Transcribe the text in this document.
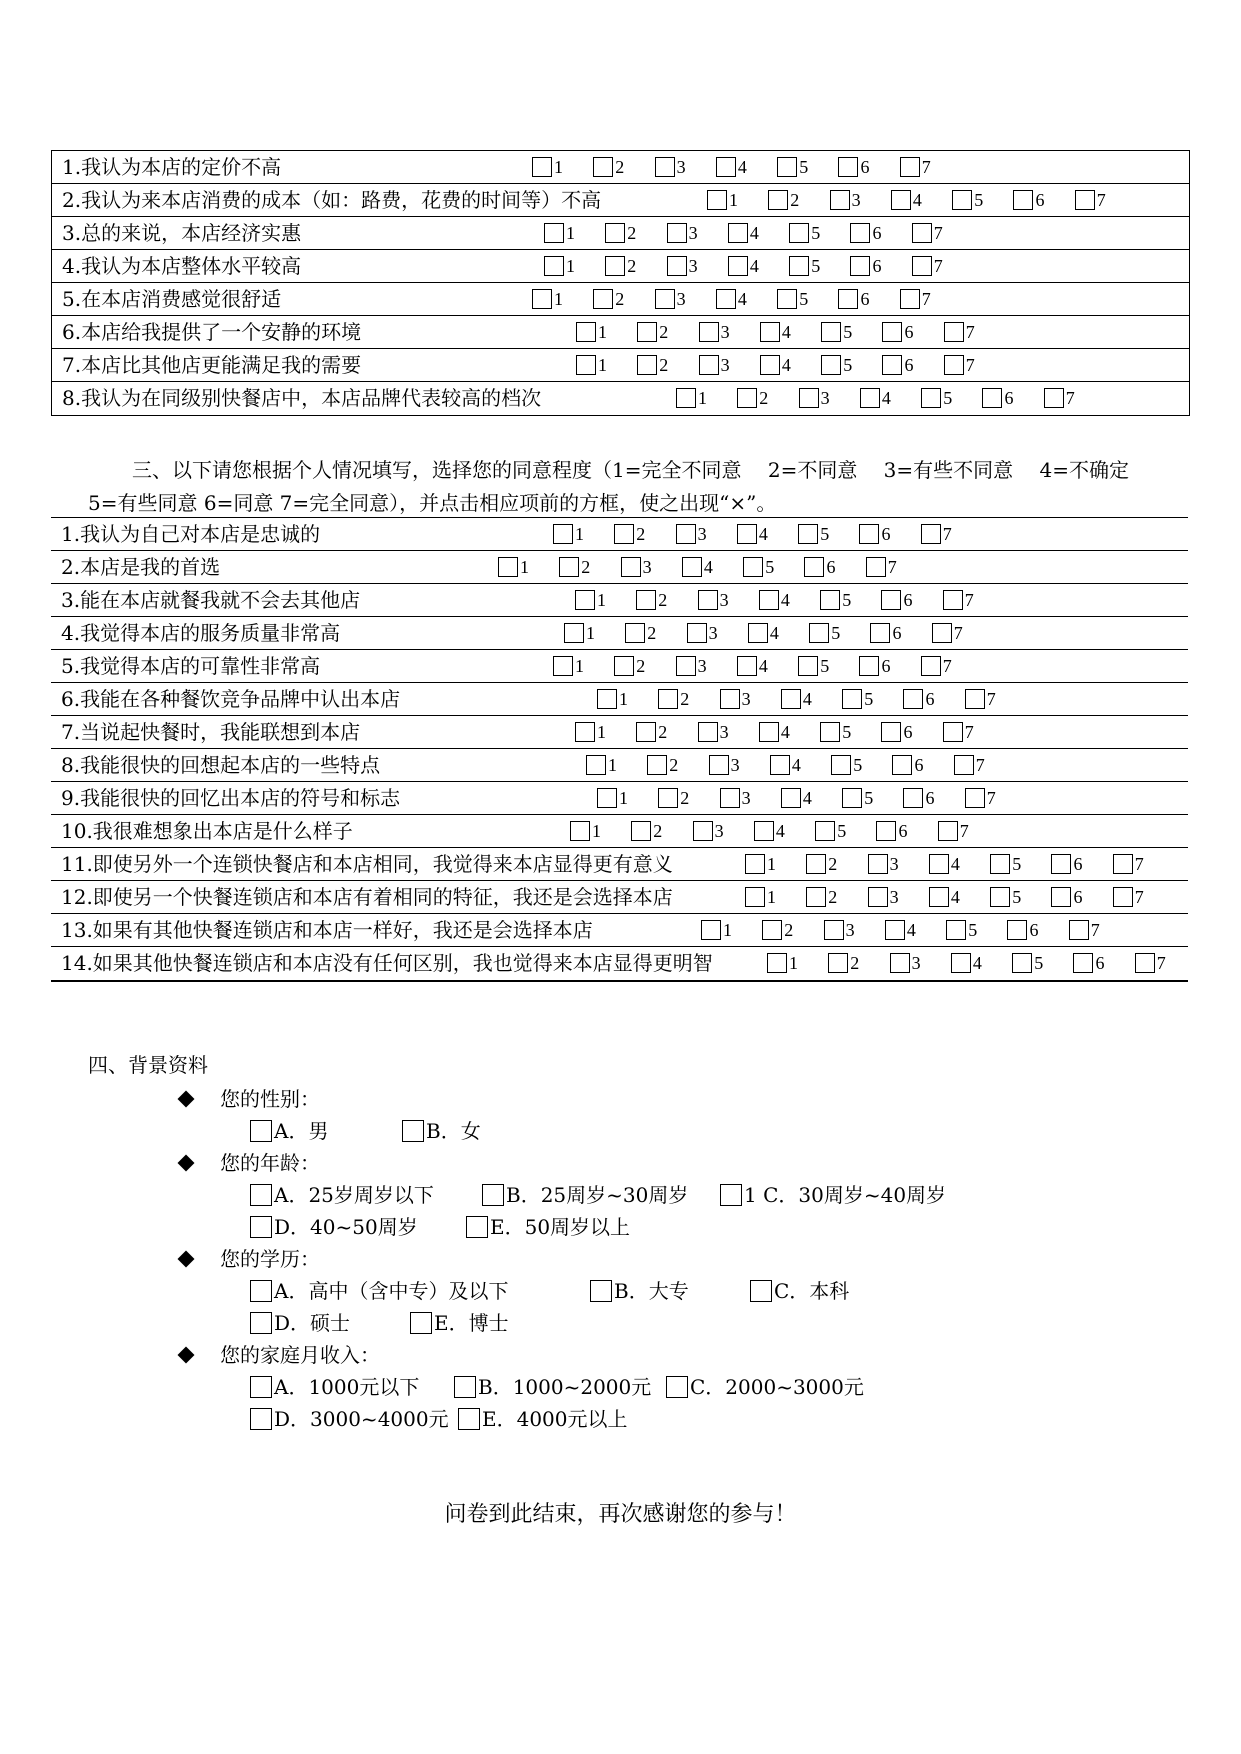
1.我认为本店的定价不高	1	2	3	4	5	6	7
2.我认为来本店消费的成本（如：路费，花费的时间等）不高	1	2	3	4	5	6	7
3.总的来说，本店经济实惠	1	2	3	4	5	6	7
4.我认为本店整体水平较高	1	2	3	4	5	6	7
5.在本店消费感觉很舒适	1	2	3	4	5	6	7
6.本店给我提供了一个安静的环境	1	2	3	4	5	6	7
7.本店比其他店更能满足我的需要	1	2	3	4	5	6	7
8.我认为在同级别快餐店中，本店品牌代表较高的档次	1	2	3	4	5	6	7
三、以下请您根据个人情况填写，选择您的同意程度（1=完全不同意　 2=不同意　 3=有些不同意　 4=不确定
5=有些同意 6=同意 7=完全同意），并点击相应项前的方框，使之出现“×”。
1.我认为自己对本店是忠诚的	1	2	3	4	5	6	7
2.本店是我的首选	1	2	3	4	5	6	7
3.能在本店就餐我就不会去其他店	1	2	3	4	5	6	7
4.我觉得本店的服务质量非常高	1	2	3	4	5	6	7
5.我觉得本店的可靠性非常高	1	2	3	4	5	6	7
6.我能在各种餐饮竞争品牌中认出本店	1	2	3	4	5	6	7
7.当说起快餐时，我能联想到本店	1	2	3	4	5	6	7
8.我能很快的回想起本店的一些特点	1	2	3	4	5	6	7
9.我能很快的回忆出本店的符号和标志	1	2	3	4	5	6	7
10.我很难想象出本店是什么样子	1	2	3	4	5	6	7
11.即使另外一个连锁快餐店和本店相同，我觉得来本店显得更有意义	1	2	3	4	5	6	7
12.即使另一个快餐连锁店和本店有着相同的特征，我还是会选择本店	1	2	3	4	5	6	7
13.如果有其他快餐连锁店和本店一样好，我还是会选择本店	1	2	3	4	5	6	7
14.如果其他快餐连锁店和本店没有任何区别，我也觉得来本店显得更明智	1	2	3	4	5	6	7
四、背景资料
您的性别：
A．男	B．女
您的年龄：
A．25岁周岁以下	B．25周岁~30周岁	1 C．30周岁~40周岁
D．40~50周岁	E．50周岁以上
您的学历：
A．高中（含中专）及以下	B．大专	C．本科
D．硕士	E．博士
您的家庭月收入：
A．1000元以下	B．1000~2000元 C．2000~3000元
D．3000~4000元 E．4000元以上
问卷到此结束，再次感谢您的参与！
